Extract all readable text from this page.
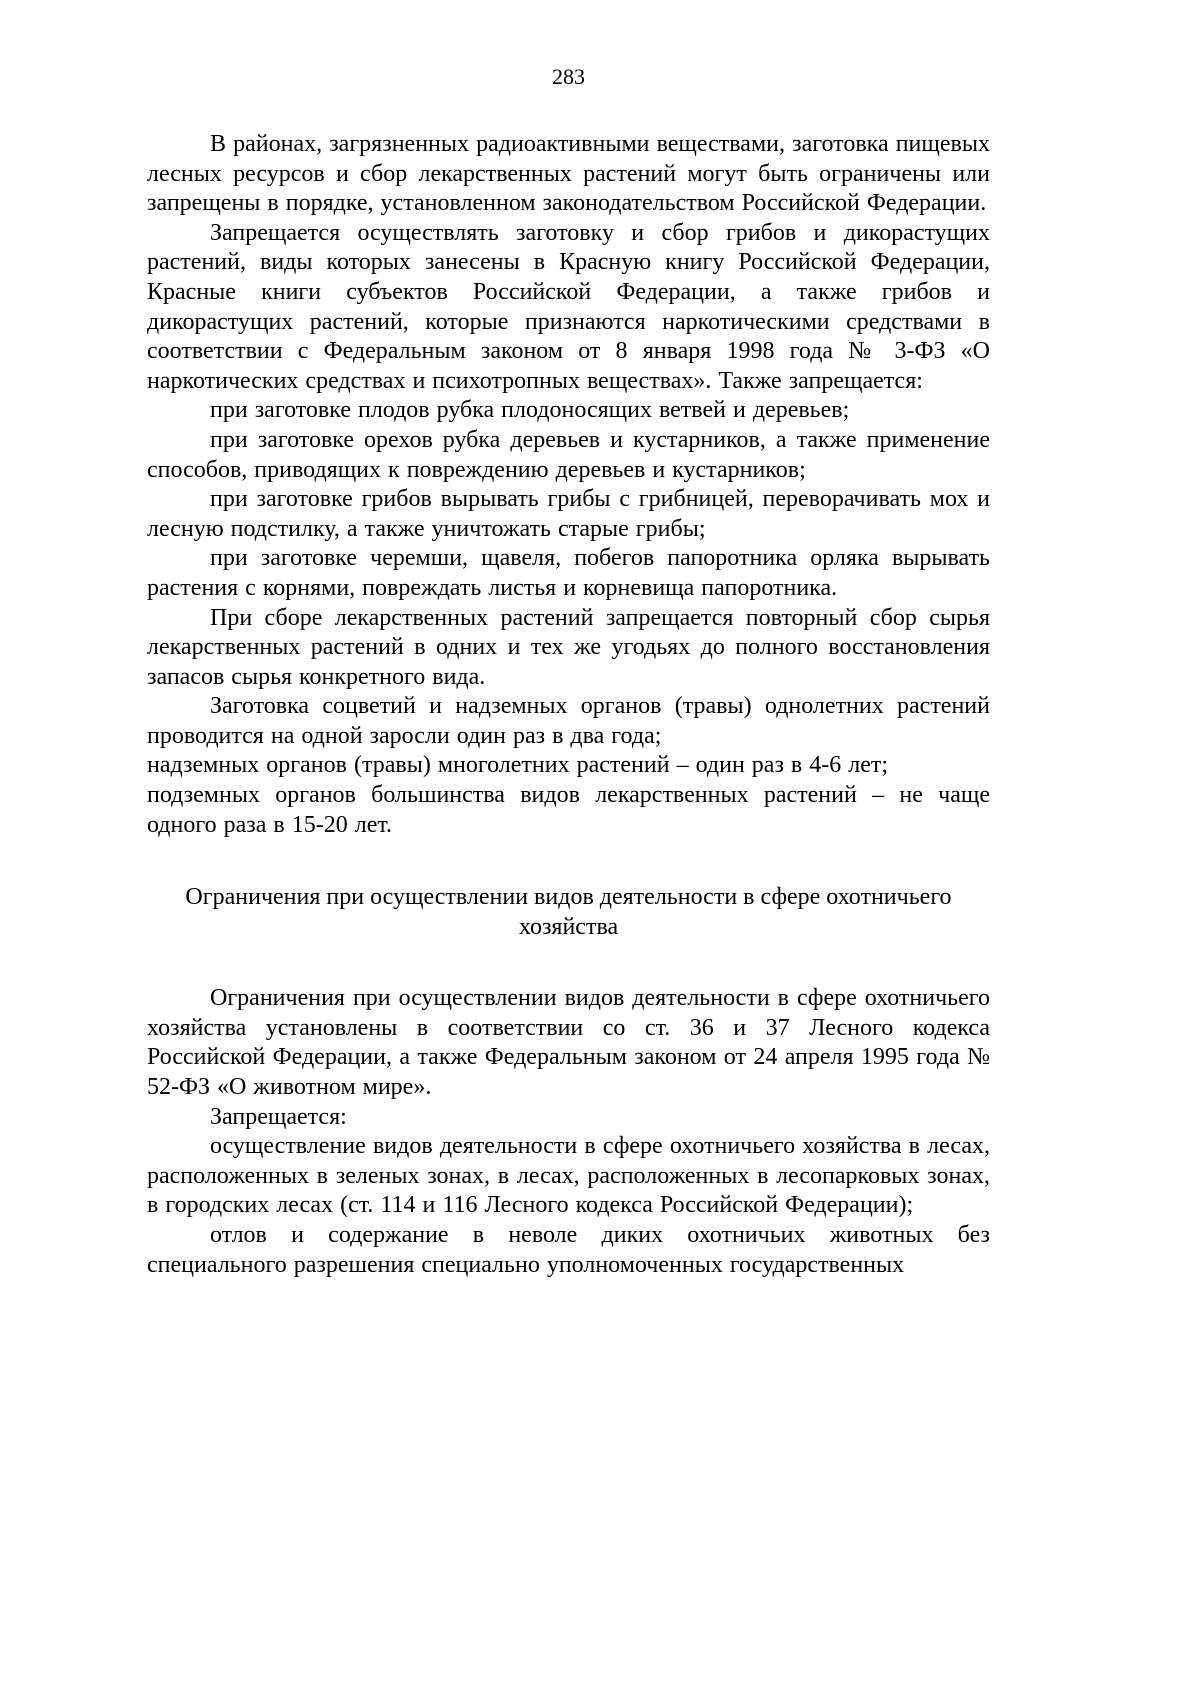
283

В районах, загрязненных радиоактивными веществами, заготовка пищевых лесных ресурсов и сбор лекарственных растений могут быть ограничены или запрещены в порядке, установленном законодательством Российской Федерации.

Запрещается осуществлять заготовку и сбор грибов и дикорастущих растений, виды которых занесены в Красную книгу Российской Федерации, Красные книги субъектов Российской Федерации, а также грибов и дикорастущих растений, которые признаются наркотическими средствами в соответствии с Федеральным законом от 8 января 1998 года № 3-ФЗ «О наркотических средствах и психотропных веществах». Также запрещается:

при заготовке плодов рубка плодоносящих ветвей и деревьев;

при заготовке орехов рубка деревьев и кустарников, а также применение способов, приводящих к повреждению деревьев и кустарников;

при заготовке грибов вырывать грибы с грибницей, переворачивать мох и лесную подстилку, а также уничтожать старые грибы;

при заготовке черемши, щавеля, побегов папоротника орляка вырывать растения с корнями, повреждать листья и корневища папоротника.

При сборе лекарственных растений запрещается повторный сбор сырья лекарственных растений в одних и тех же угодьях до полного восстановления запасов сырья конкретного вида.

Заготовка соцветий и надземных органов (травы) однолетних растений проводится на одной заросли один раз в два года;

надземных органов (травы) многолетних растений – один раз в 4-6 лет;

подземных органов большинства видов лекарственных растений – не чаще одного раза в 15-20 лет.

Ограничения при осуществлении видов деятельности в сфере охотничьего хозяйства

Ограничения при осуществлении видов деятельности в сфере охотничьего хозяйства установлены в соответствии со ст. 36 и 37 Лесного кодекса Российской Федерации, а также Федеральным законом от 24 апреля 1995 года № 52-ФЗ «О животном мире».

Запрещается:

осуществление видов деятельности в сфере охотничьего хозяйства в лесах, расположенных в зеленых зонах, в лесах, расположенных в лесопарковых зонах, в городских лесах (ст. 114 и 116 Лесного кодекса Российской Федерации);

отлов и содержание в неволе диких охотничьих животных без специального разрешения специально уполномоченных государственных
